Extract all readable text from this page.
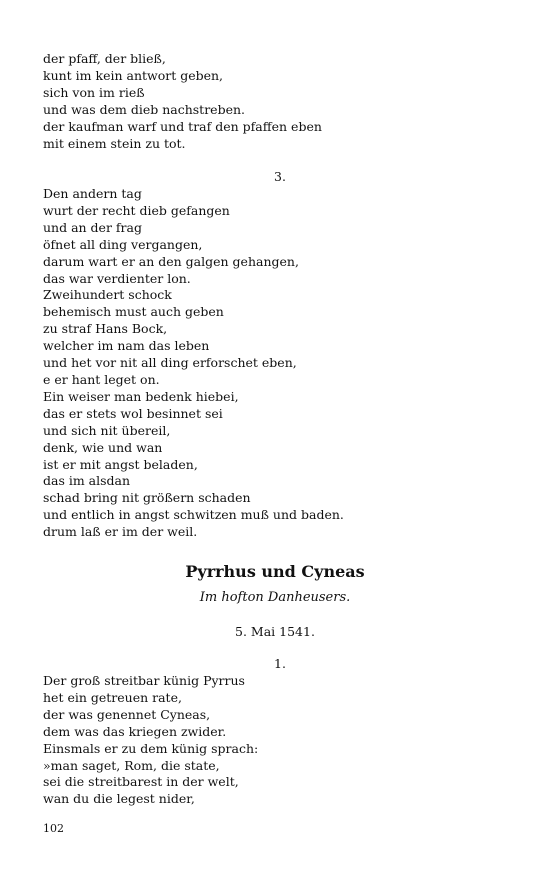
der pfaff, der bließ,
kunt im kein antwort geben,
sich von im rieß
und was dem dieb nachstreben.
der kaufman warf und traf den pfaffen eben
mit einem stein zu tot.
3.
Den andern tag
wurt der recht dieb gefangen
und an der frag
öfnet all ding vergangen,
darum wart er an den galgen gehangen,
das war verdienter lon.
Zweihundert schock
behemisch must auch geben
zu straf Hans Bock,
welcher im nam das leben
und het vor nit all ding erforschet eben,
e er hant leget on.
Ein weiser man bedenk hiebei,
das er stets wol besinnet sei
und sich nit übereil,
denk, wie und wan
ist er mit angst beladen,
das im alsdan
schad bring nit größern schaden
und entlich in angst schwitzen muß und baden.
drum laß er im der weil.
Pyrrhus und Cyneas
Im hofton Danheusers.
5. Mai 1541.
1.
Der groß streitbar künig Pyrrus
het ein getreuen rate,
der was genennet Cyneas,
dem was das kriegen zwider.
Einsmals er zu dem künig sprach:
»man saget, Rom, die state,
sei die streitbarest in der welt,
wan du die legest nider,
102
